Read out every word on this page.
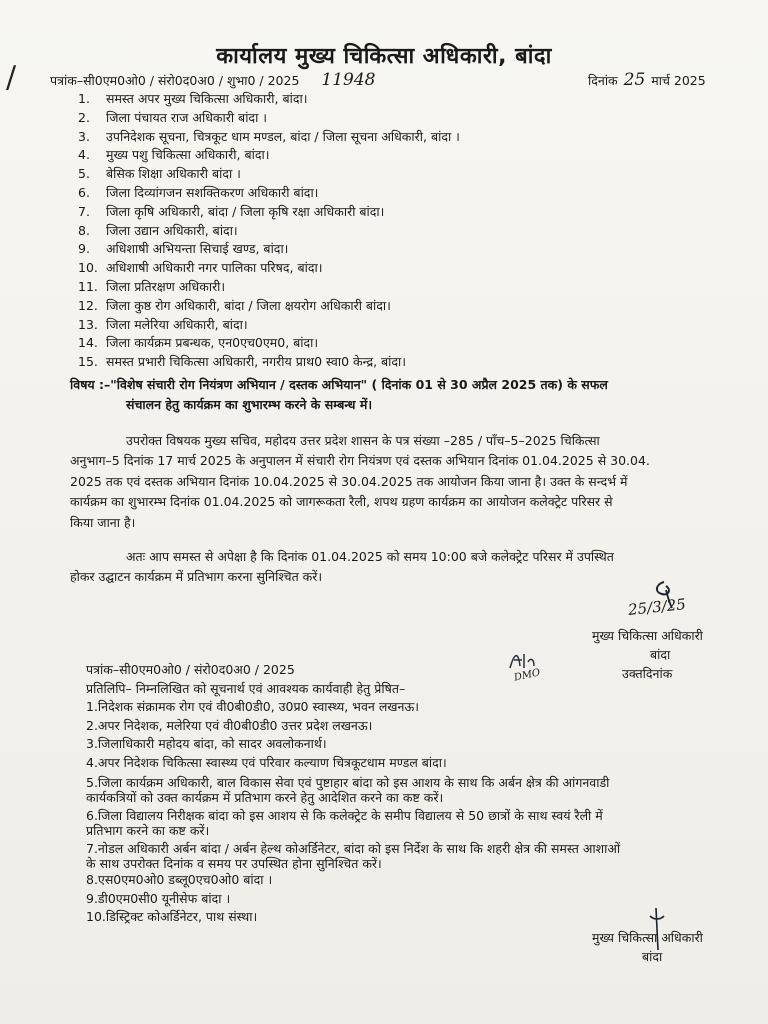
/
कार्यालय मुख्य चिकित्सा अधिकारी, बांदा
पत्रांक–सी0एम0ओ0 / संरो0द0अ0 / शुभा0 / 2025 11948	दिनांक 25 मार्च 2025
1. समस्त अपर मुख्य चिकित्सा अधिकारी, बांदा।
2. जिला पंचायत राज अधिकारी बांदा ।
3. उपनिदेशक सूचना, चित्रकूट धाम मण्डल, बांदा / जिला सूचना अधिकारी, बांदा ।
4. मुख्य पशु चिकित्सा अधिकारी, बांदा।
5. बेसिक शिक्षा अधिकारी बांदा ।
6. जिला दिव्यांगजन सशक्तिकरण अधिकारी बांदा।
7. जिला कृषि अधिकारी, बांदा / जिला कृषि रक्षा अधिकारी बांदा।
8. जिला उद्यान अधिकारी, बांदा।
9. अधिशाषी अभियन्ता सिचाई खण्ड, बांदा।
10. अधिशाषी अधिकारी नगर पालिका परिषद, बांदा।
11. जिला प्रतिरक्षण अधिकारी।
12. जिला कुष्ठ रोग अधिकारी, बांदा / जिला क्षयरोग अधिकारी बांदा।
13. जिला मलेरिया अधिकारी, बांदा।
14. जिला कार्यक्रम प्रबन्धक, एन0एच0एम0, बांदा।
15. समस्त प्रभारी चिकित्सा अधिकारी, नगरीय प्राथ0 स्वा0 केन्द्र, बांदा।
विषय :–"विशेष संचारी रोग नियंत्रण अभियान / दस्तक अभियान" ( दिनांक 01 से 30 अप्रैल 2025 तक) के सफल
संचालन हेतु कार्यक्रम का शुभारम्भ करने के सम्बन्ध में।
उपरोक्त विषयक मुख्य सचिव, महोदय उत्तर प्रदेश शासन के पत्र संख्या –285 / पाँच–5–2025 चिकित्सा
अनुभाग–5 दिनांक 17 मार्च 2025 के अनुपालन में संचारी रोग नियंत्रण एवं दस्तक अभियान दिनांक 01.04.2025 से 30.04.
2025 तक एवं दस्तक अभियान दिनांक 10.04.2025 से 30.04.2025 तक आयोजन किया जाना है। उक्त के सन्दर्भ में
कार्यक्रम का शुभारम्भ दिनांक 01.04.2025 को जागरूकता रैली, शपथ ग्रहण कार्यक्रम का आयोजन कलेक्ट्रेट परिसर से
किया जाना है।
अतः आप समस्त से अपेक्षा है कि दिनांक 01.04.2025 को समय 10:00 बजे कलेक्ट्रेट परिसर में उपस्थित
होकर उद्घाटन कार्यक्रम में प्रतिभाग करना सुनिश्चित करें।
25/3/25
मुख्य चिकित्सा अधिकारी
बांदा
उक्तदिनांक
DMO
पत्रांक–सी0एम0ओ0 / संरो0द0अ0 / 2025
प्रतिलिपि– निम्नलिखित को सूचनार्थ एवं आवश्यक कार्यवाही हेतु प्रेषित–
1.निदेशक संक्रामक रोग एवं वी0बी0डी0, उ0प्र0 स्वास्थ्य, भवन लखनऊ।
2.अपर निदेशक, मलेरिया एवं वी0बी0डी0 उत्तर प्रदेश लखनऊ।
3.जिलाधिकारी महोदय बांदा, को सादर अवलोकनार्थ।
4.अपर निदेशक चिकित्सा स्वास्थ्य एवं परिवार कल्याण चित्रकूटधाम मण्डल बांदा।
5.जिला कार्यक्रम अधिकारी, बाल विकास सेवा एवं पुष्टाहार बांदा को इस आशय के साथ कि अर्बन क्षेत्र की आंगनवाडी
कार्यकत्रियों को उक्त कार्यक्रम में प्रतिभाग करने हेतु आदेशित करने का कष्ट करें।
6.जिला विद्यालय निरीक्षक बांदा को इस आशय से कि कलेक्ट्रेट के समीप विद्यालय से 50 छात्रों के साथ स्वयं रैली में
प्रतिभाग करने का कष्ट करें।
7.नोडल अधिकारी अर्बन बांदा / अर्बन हेल्थ कोअर्डिनेटर, बांदा को इस निर्देश के साथ कि शहरी क्षेत्र की समस्त आशाओं
के साथ उपरोक्त दिनांक व समय पर उपस्थित होना सुनिश्चित करें।
8.एस0एम0ओ0 डब्लू0एच0ओ0 बांदा ।
9.डी0एम0सी0 यूनीसेफ बांदा ।
10.डिस्ट्रिक्ट कोअर्डिनेटर, पाथ संस्था।
मुख्य चिकित्सा अधिकारी
बांदा
